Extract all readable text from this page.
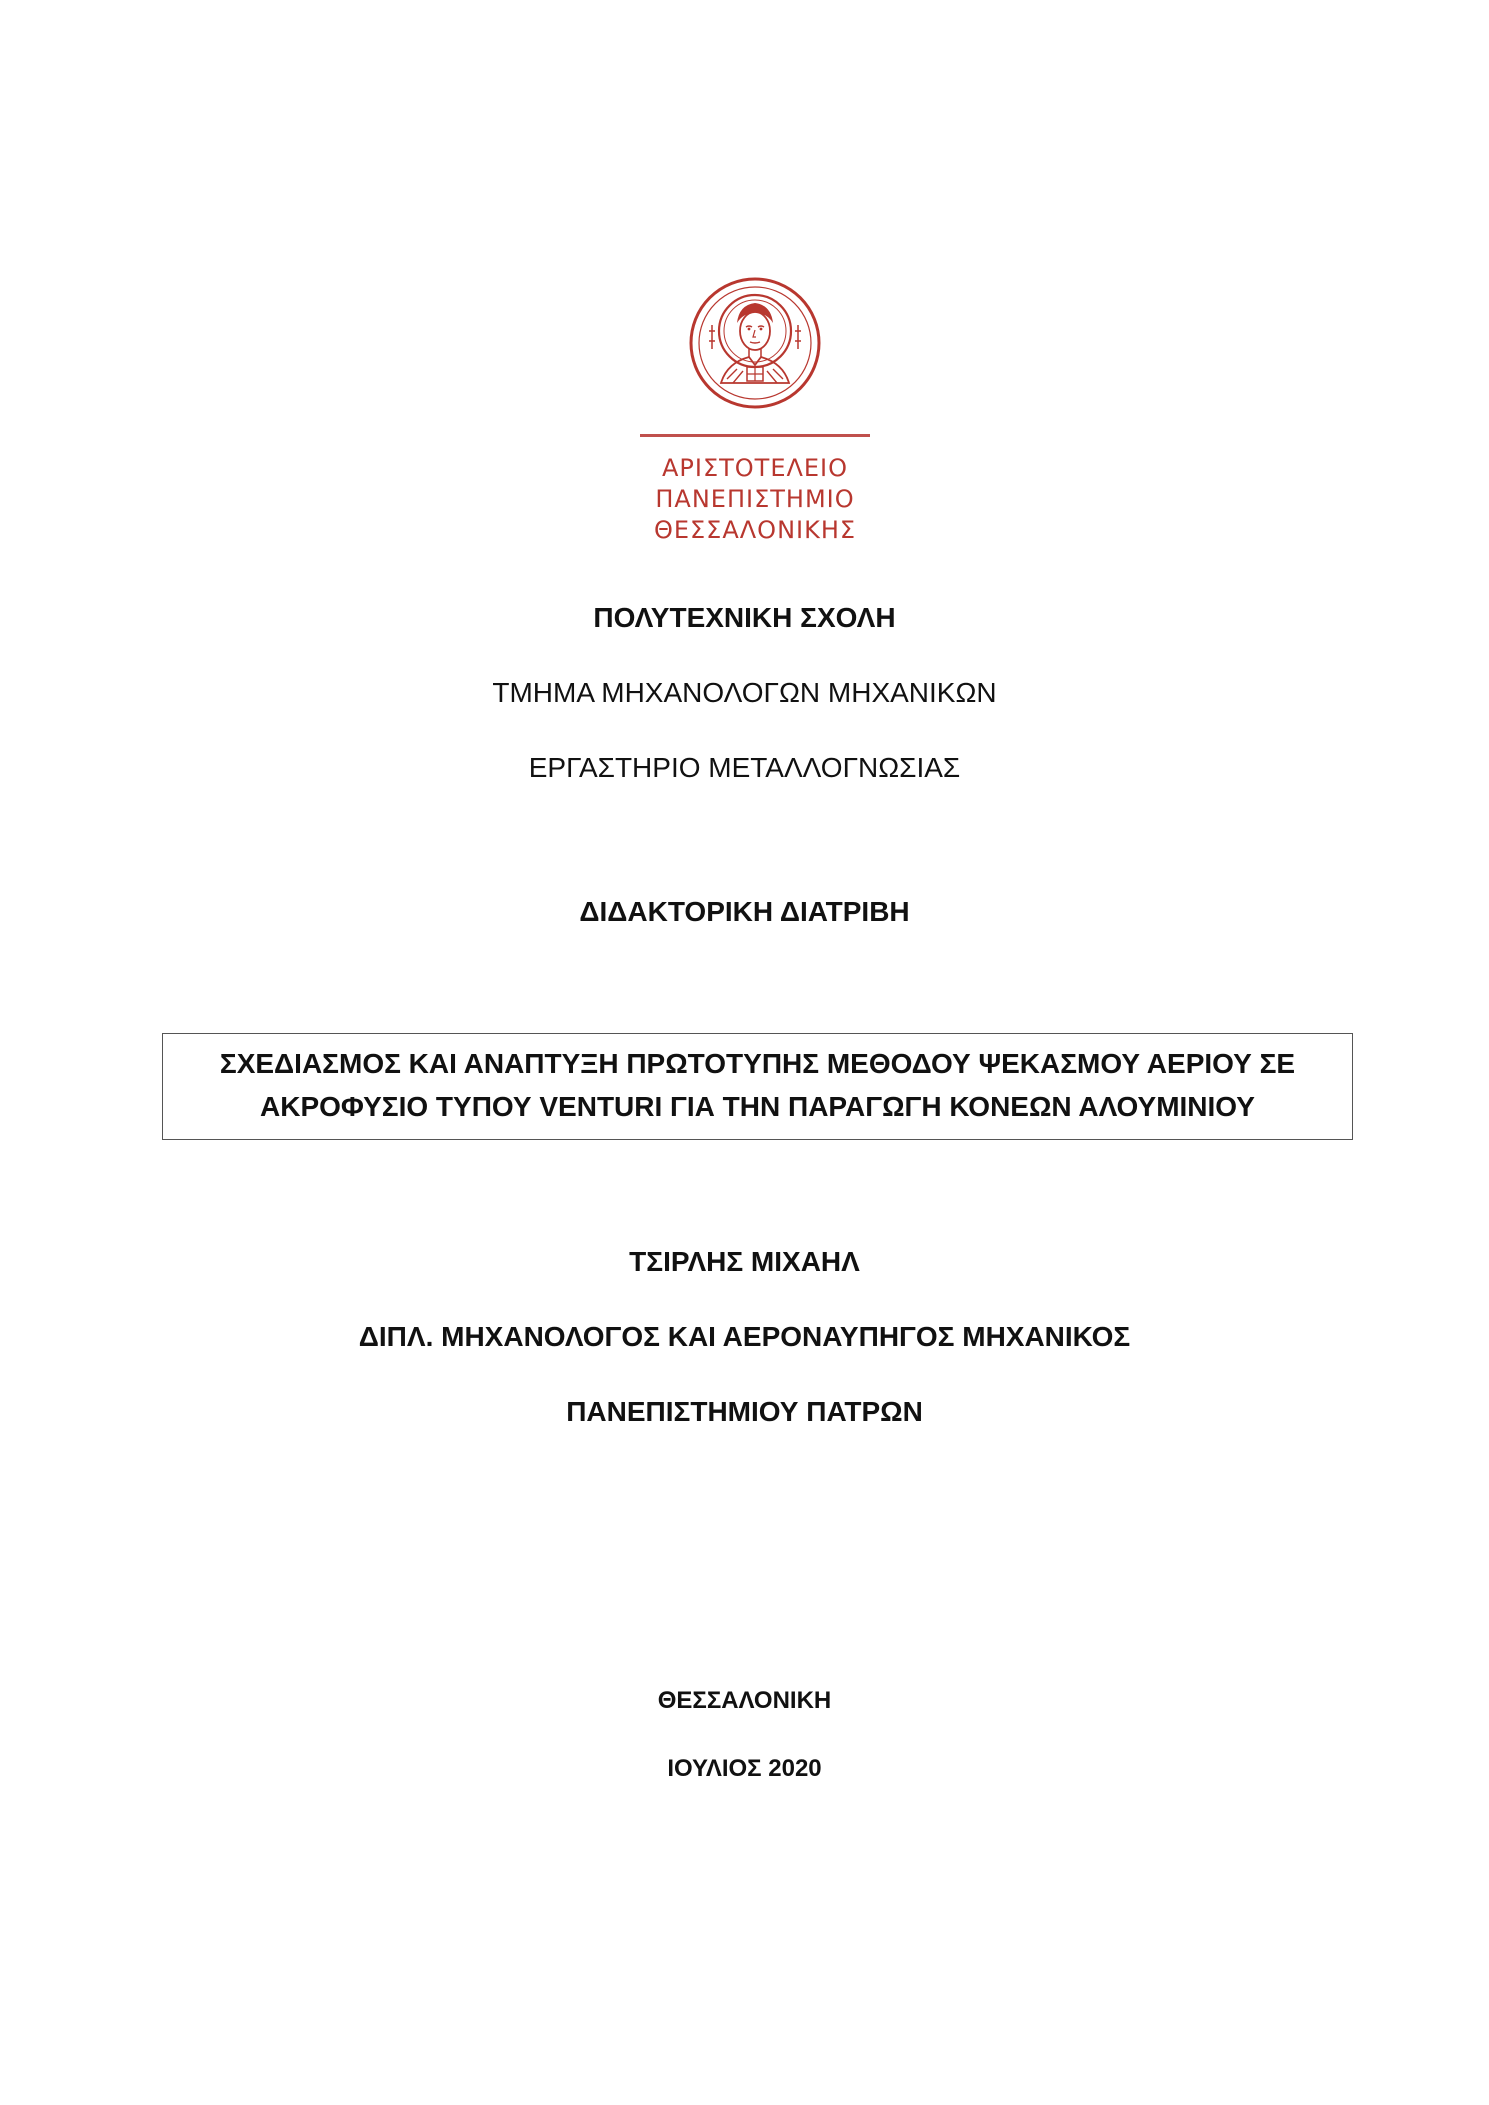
ΑΡΙΣΤΟΤΕΛΕΙΟ
ΠΑΝΕΠΙΣΤΗΜΙΟ
ΘΕΣΣΑΛΟΝΙΚΗΣ
ΠΟΛΥΤΕΧΝΙΚΗ ΣΧΟΛΗ
ΤΜΗΜΑ ΜΗΧΑΝΟΛΟΓΩΝ ΜΗΧΑΝΙΚΩΝ
ΕΡΓΑΣΤΗΡΙΟ ΜΕΤΑΛΛΟΓΝΩΣΙΑΣ
ΔΙΔΑΚΤΟΡΙΚΗ ΔΙΑΤΡΙΒΗ
ΣΧΕΔΙΑΣΜΟΣ ΚΑΙ ΑΝΑΠΤΥΞΗ ΠΡΩΤΟΤΥΠΗΣ ΜΕΘΟΔΟΥ ΨΕΚΑΣΜΟΥ ΑΕΡΙΟΥ ΣΕ
ΑΚΡΟΦΥΣΙΟ ΤΥΠΟΥ VENTURI ΓΙΑ ΤΗΝ ΠΑΡΑΓΩΓΗ ΚΟΝΕΩΝ ΑΛΟΥΜΙΝΙΟΥ
ΤΣΙΡΛΗΣ ΜΙΧΑΗΛ
ΔΙΠΛ. ΜΗΧΑΝΟΛΟΓΟΣ ΚΑΙ ΑΕΡΟΝΑΥΠΗΓΟΣ ΜΗΧΑΝΙΚΟΣ
ΠΑΝΕΠΙΣΤΗΜΙΟΥ ΠΑΤΡΩΝ
ΘΕΣΣΑΛΟΝΙΚΗ
ΙΟΥΛΙΟΣ 2020
